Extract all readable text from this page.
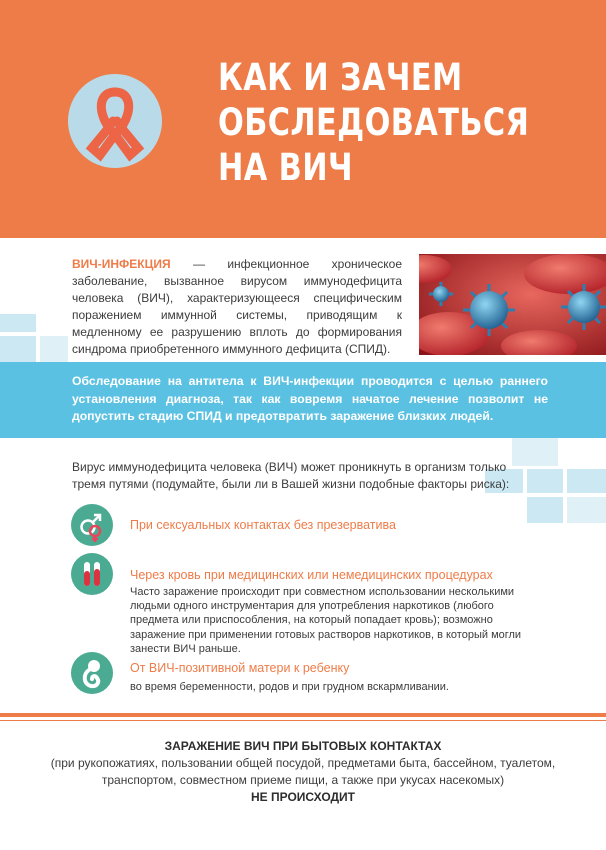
КАК И ЗАЧЕМ
ОБСЛЕДОВАТЬСЯ
НА ВИЧ
ВИЧ-ИНФЕКЦИЯ — инфекционное хроническое заболевание, вызванное вирусом иммунодефицита человека (ВИЧ), характеризующееся специфическим поражением иммунной системы, приводящим к медленному ее разрушению вплоть до формирования синдрома приобретенного иммунного дефицита (СПИД).
Обследование на антитела к ВИЧ-инфекции проводится с целью раннего установления диагноза, так как вовремя начатое лечение позволит не допустить стадию СПИД и предотвратить заражение близких людей.
Вирус иммунодефицита человека (ВИЧ) может проникнуть в организм только тремя путями (подумайте, были ли в Вашей жизни подобные факторы риска):
При сексуальных контактах без презерватива
Через кровь при медицинских или немедицинских процедурах
Часто заражение происходит при совместном использовании несколькими людьми одного инструментария для употребления наркотиков (любого предмета или приспособления, на который попадает кровь); возможно заражение при применении готовых растворов наркотиков, в который могли занести ВИЧ раньше.
От ВИЧ-позитивной матери к ребенку
во время беременности, родов и при грудном вскармливании.
ЗАРАЖЕНИЕ ВИЧ ПРИ БЫТОВЫХ КОНТАКТАХ
(при рукопожатиях, пользовании общей посудой, предметами быта, бассейном, туалетом, транспортом, совместном приеме пищи, а также при укусах насекомых)
НЕ ПРОИСХОДИТ
